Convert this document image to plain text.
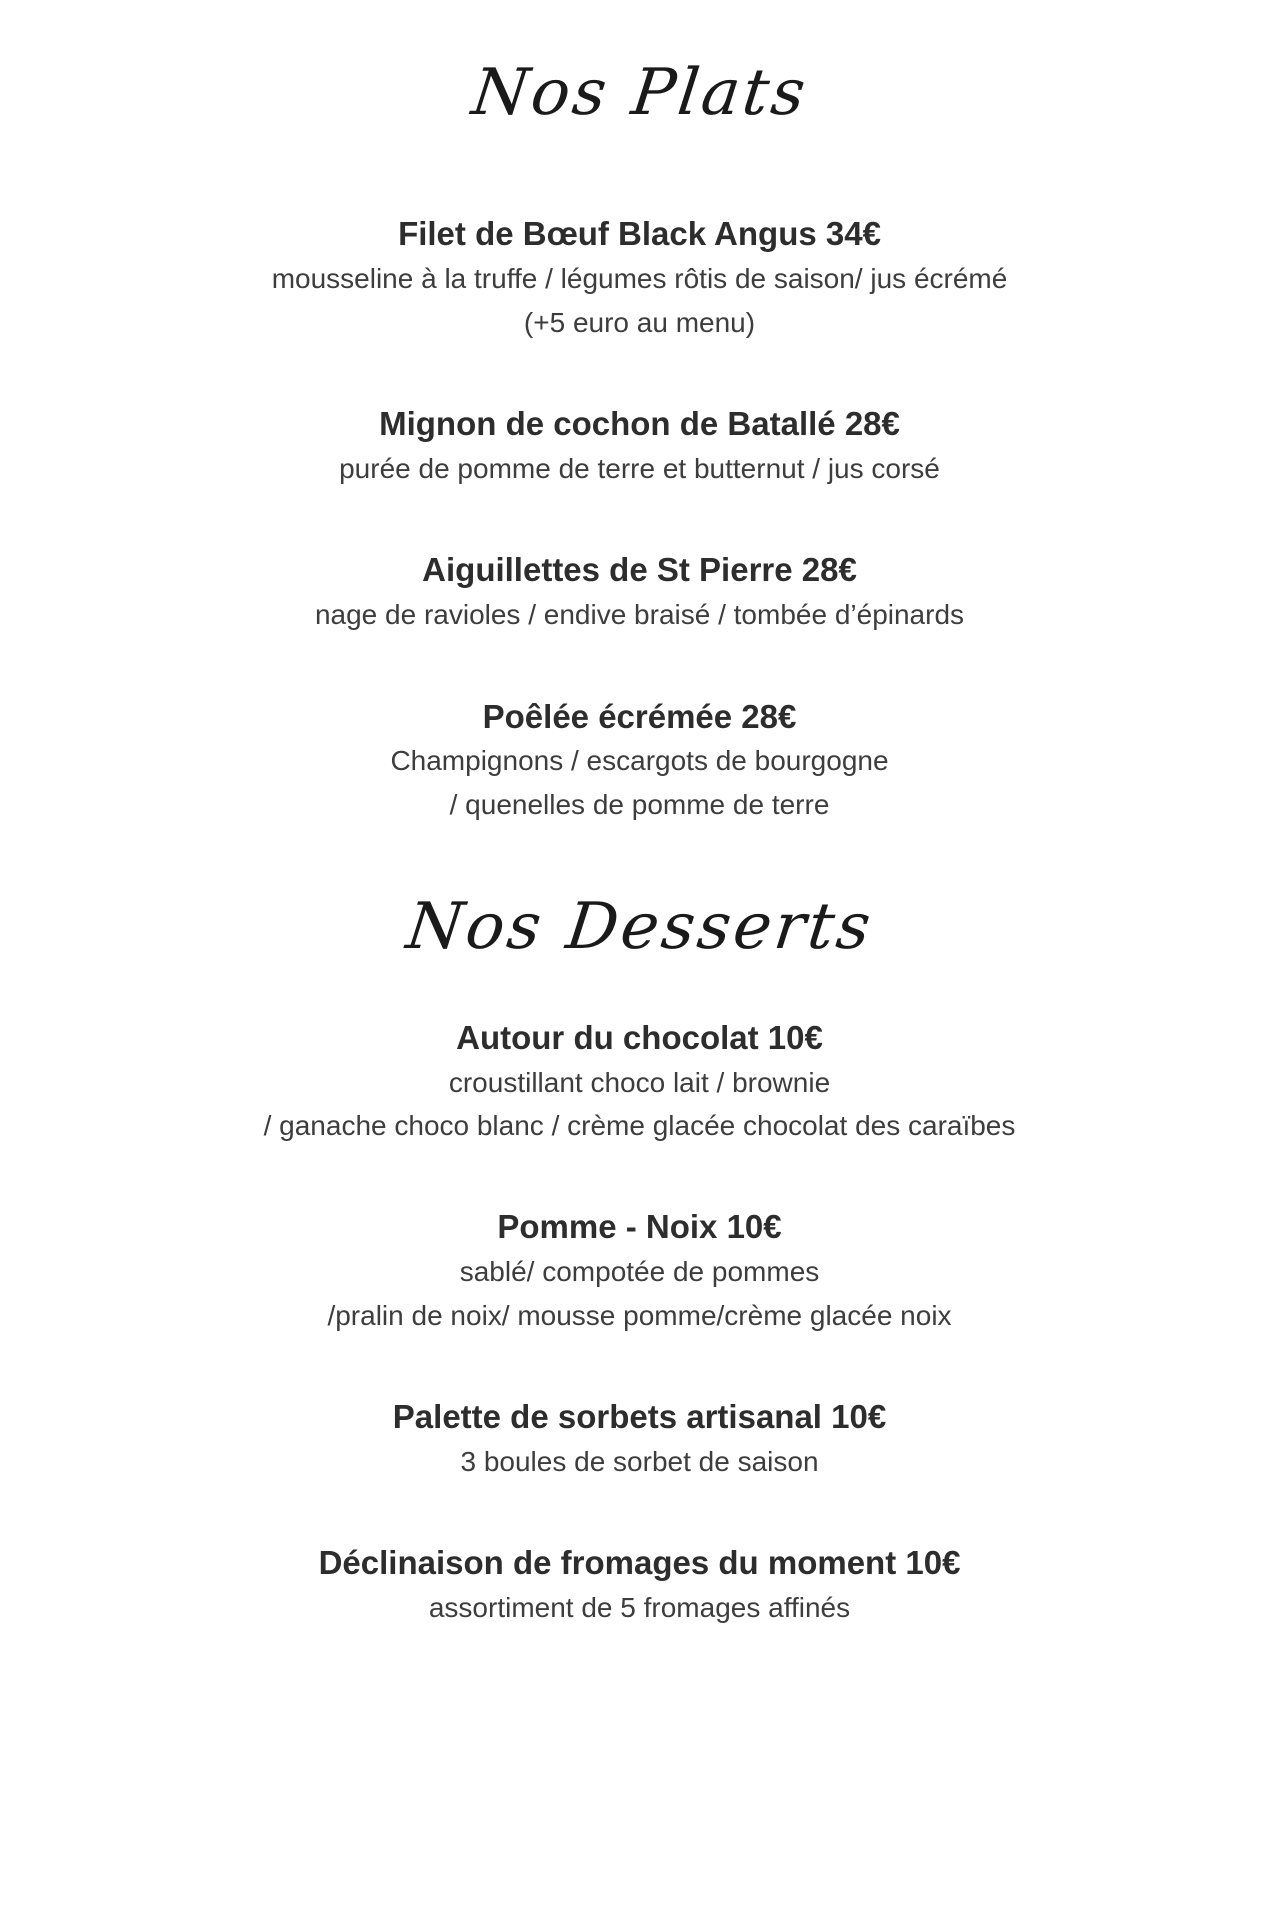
Nos Plats

Filet de Bœuf Black Angus 34€

mousseline à la truffe / légumes rôtis de saison/ jus écrémé

(+5 euro au menu)

Mignon de cochon de Batallé 28€

purée de pomme de terre et butternut / jus corsé

Aiguillettes de St Pierre 28€

nage de ravioles / endive braisé / tombée d’épinards

Poêlée écrémée 28€

Champignons / escargots de bourgogne

/ quenelles de pomme de terre

Nos Desserts

Autour du chocolat 10€

croustillant choco lait / brownie

/ ganache choco blanc / crème glacée chocolat des caraïbes

Pomme - Noix 10€

sablé/ compotée de pommes

/pralin de noix/ mousse pomme/crème glacée noix

Palette de sorbets artisanal 10€

3 boules de sorbet de saison

Déclinaison de fromages du moment 10€

assortiment de 5 fromages affinés
